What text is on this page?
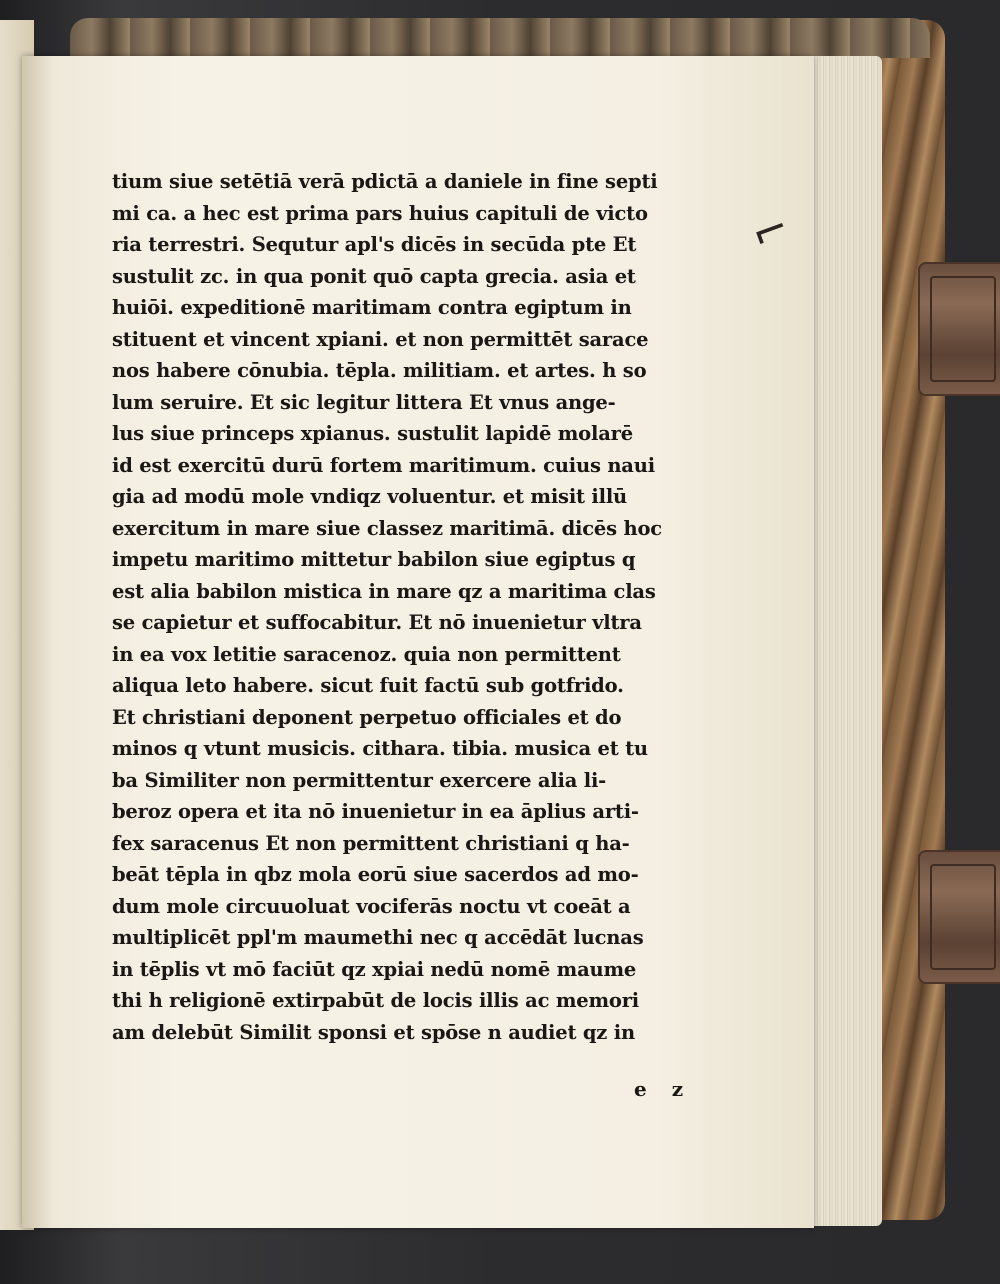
tium siue setētiā verā pdictā a daniele in fine septi
mi ca. a hec est prima pars huius capituli de victo
ria terrestri. Sequtur apl's dicēs in secūda pte Et
sustulit zc. in qua ponit quō capta grecia. asia et
huiōi. expeditionē maritimam contra egiptum in
stituent et vincent xpiani. et non permittēt sarace
nos habere cōnubia. tēpla. militiam. et artes. h so
lum seruire. Et sic legitur littera Et vnus ange-
lus siue princeps xpianus. sustulit lapidē molarē
id est exercitū durū fortem maritimum. cuius naui
gia ad modū mole vndiqz voluentur. et misit illū
exercitum in mare siue classez maritimā. dicēs hoc
impetu maritimo mittetur babilon siue egiptus q
est alia babilon mistica in mare qz a maritima clas
se capietur et suffocabitur. Et nō inuenietur vltra
in ea vox letitie saracenoz. quia non permittent
aliqua leto habere. sicut fuit factū sub gotfrido.
Et christiani deponent perpetuo officiales et do
minos q vtunt musicis. cithara. tibia. musica et tu
ba Similiter non permittentur exercere alia li-
beroz opera et ita nō inuenietur in ea āplius arti-
fex saracenus Et non permittent christiani q ha-
beāt tēpla in qbz mola eorū siue sacerdos ad mo-
dum mole circuuoluat vociferās noctu vt coeāt a
multiplicēt ppl'm maumethi nec q accēdāt lucnas
in tēplis vt mō faciūt qz xpiai nedū nomē maume
thi h religionē extirpabūt de locis illis ac memori
am delebūt Similit sponsi et spōse n audiet qz in
e z
⌐
